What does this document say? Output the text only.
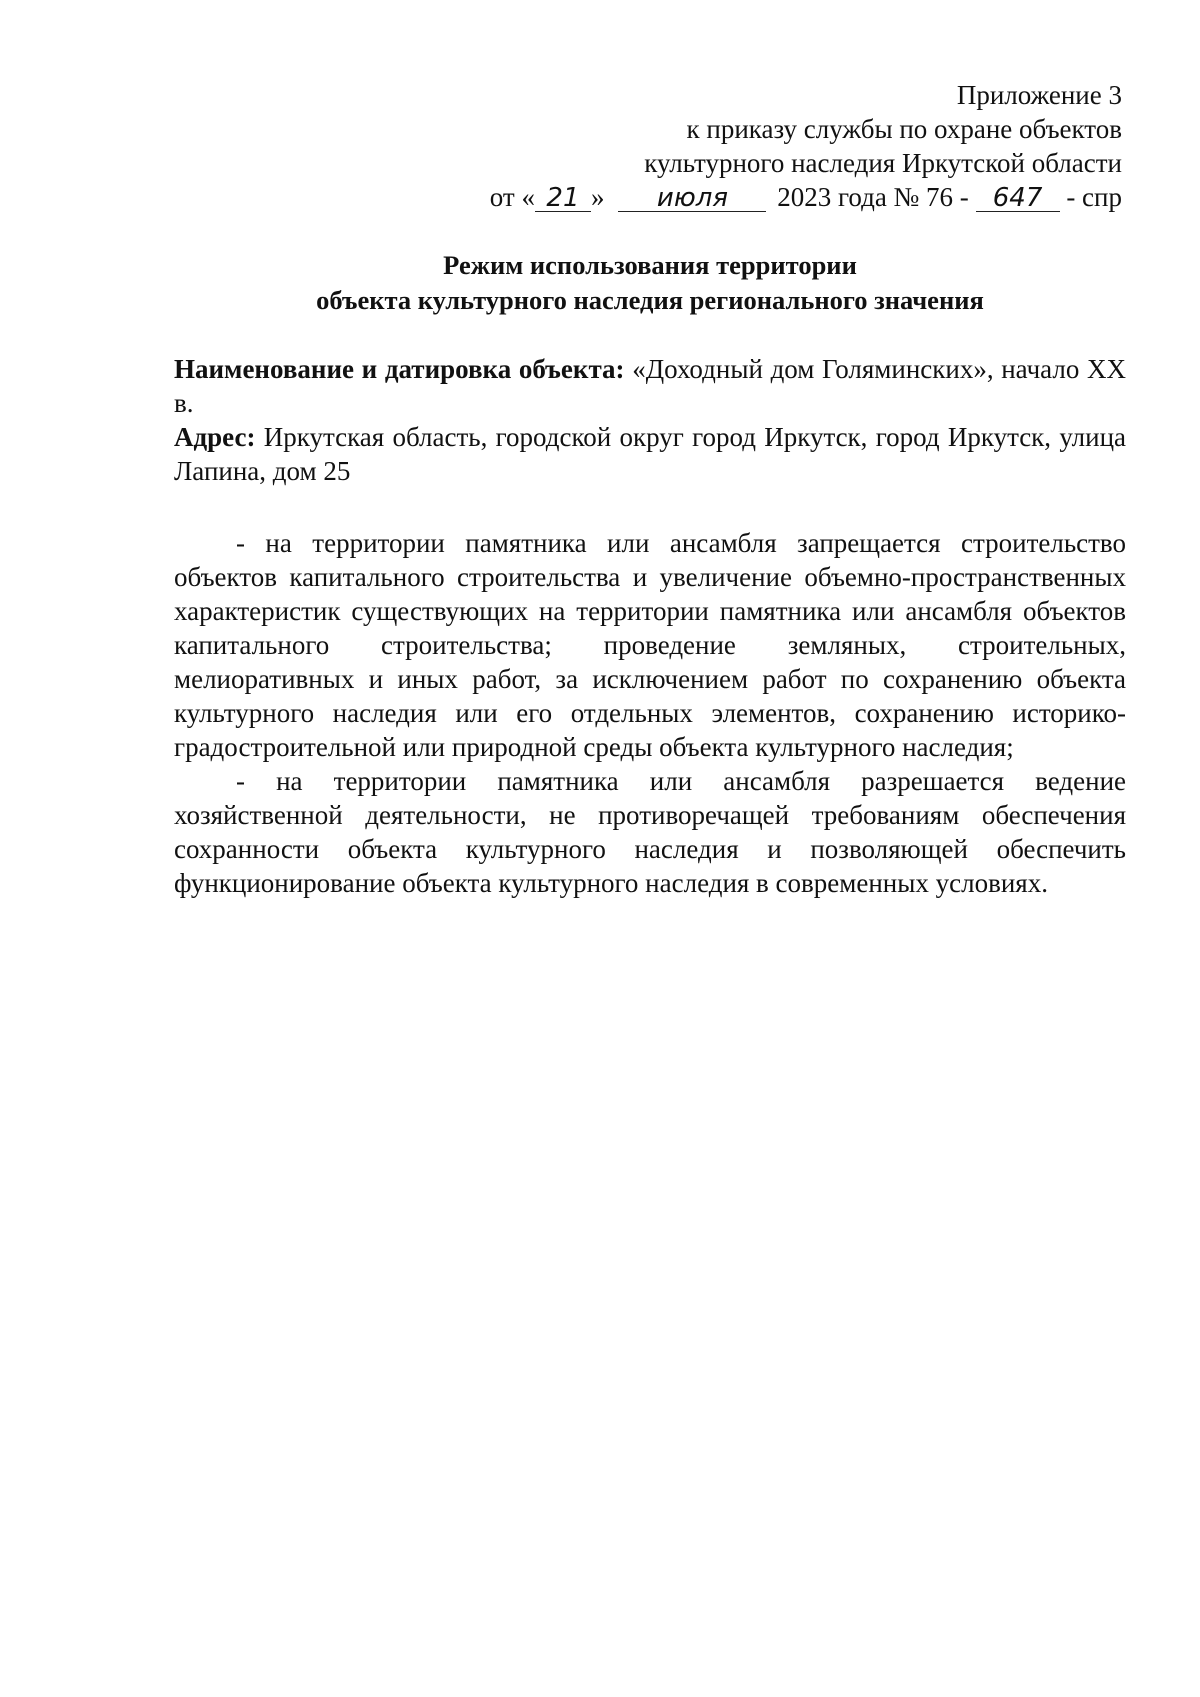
Приложение 3
к приказу службы по охране объектов
культурного наследия Иркутской области
от « 21 » июля 2023 года № 76 - 647 - спр
Режим использования территории
объекта культурного наследия регионального значения

Наименование и датировка объекта: «Доходный дом Голяминских», начало XX в.

Адрес: Иркутская область, городской округ город Иркутск, город Иркутск, улица Лапина, дом 25

- на территории памятника или ансамбля запрещается строительство объектов капитального строительства и увеличение объемно-пространственных характеристик существующих на территории памятника или ансамбля объектов капитального строительства; проведение земляных, строительных, мелиоративных и иных работ, за исключением работ по сохранению объекта культурного наследия или его отдельных элементов, сохранению историко-градостроительной или природной среды объекта культурного наследия;

- на территории памятника или ансамбля разрешается ведение хозяйственной деятельности, не противоречащей требованиям обеспечения сохранности объекта культурного наследия и позволяющей обеспечить функционирование объекта культурного наследия в современных условиях.
